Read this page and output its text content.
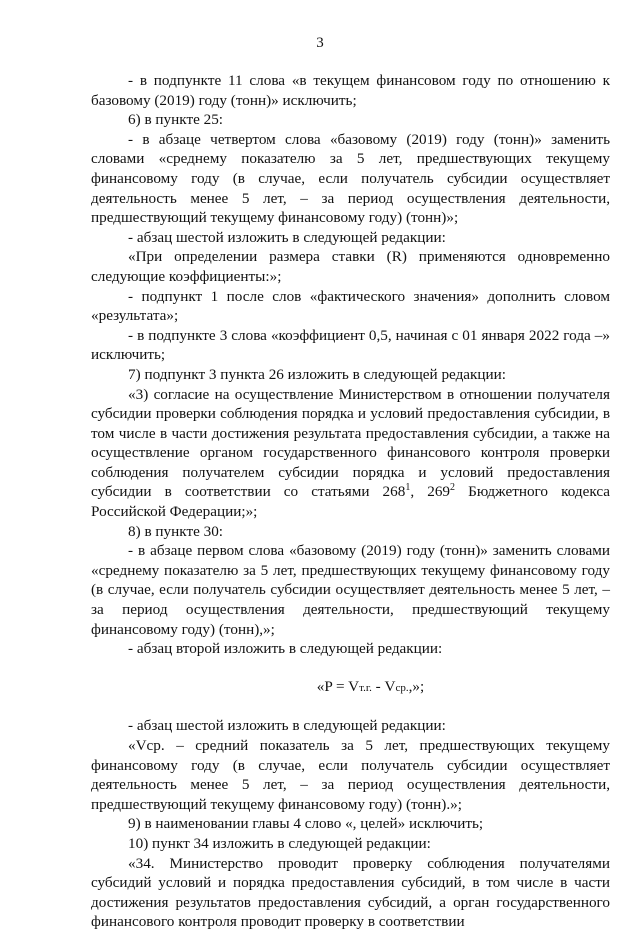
3

- в подпункте 11 слова «в текущем финансовом году по отношению к базовому (2019) году (тонн)» исключить;

6) в пункте 25:

- в абзаце четвертом слова «базовому (2019) году (тонн)» заменить словами «среднему показателю за 5 лет, предшествующих текущему финансовому году (в случае, если получатель субсидии осуществляет деятельность менее 5 лет, – за период осуществления деятельности, предшествующий текущему финансовому году) (тонн)»;

- абзац шестой изложить в следующей редакции:

«При определении размера ставки (R) применяются одновременно следующие коэффициенты:»;

- подпункт 1 после слов «фактического значения» дополнить словом «результата»;

- в подпункте 3 слова «коэффициент 0,5, начиная с 01 января 2022 года –» исключить;

7) подпункт 3 пункта 26 изложить в следующей редакции:

«3) согласие на осуществление Министерством в отношении получателя субсидии проверки соблюдения порядка и условий предоставления субсидии, в том числе в части достижения результата предоставления субсидии, а также на осуществление органом государственного финансового контроля проверки соблюдения получателем субсидии порядка и условий предоставления субсидии в соответствии со статьями $268^1$, $269^2$ Бюджетного кодекса Российской Федерации;»;

8) в пункте 30:

- в абзаце первом слова «базовому (2019) году (тонн)» заменить словами «среднему показателю за 5 лет, предшествующих текущему финансовому году (в случае, если получатель субсидии осуществляет деятельность менее 5 лет, – за период осуществления деятельности, предшествующий текущему финансовому году) (тонн),»;

- абзац второй изложить в следующей редакции:

«P = Vт.г. - Vср.,»;

- абзац шестой изложить в следующей редакции:

«Vср. – средний показатель за 5 лет, предшествующих текущему финансовому году (в случае, если получатель субсидии осуществляет деятельность менее 5 лет, – за период осуществления деятельности, предшествующий текущему финансовому году) (тонн).»;

9) в наименовании главы 4 слово «, целей» исключить;

10) пункт 34 изложить в следующей редакции:

«34. Министерство проводит проверку соблюдения получателями субсидий условий и порядка предоставления субсидий, в том числе в части достижения результатов предоставления субсидий, а орган государственного финансового контроля проводит проверку в соответствии
